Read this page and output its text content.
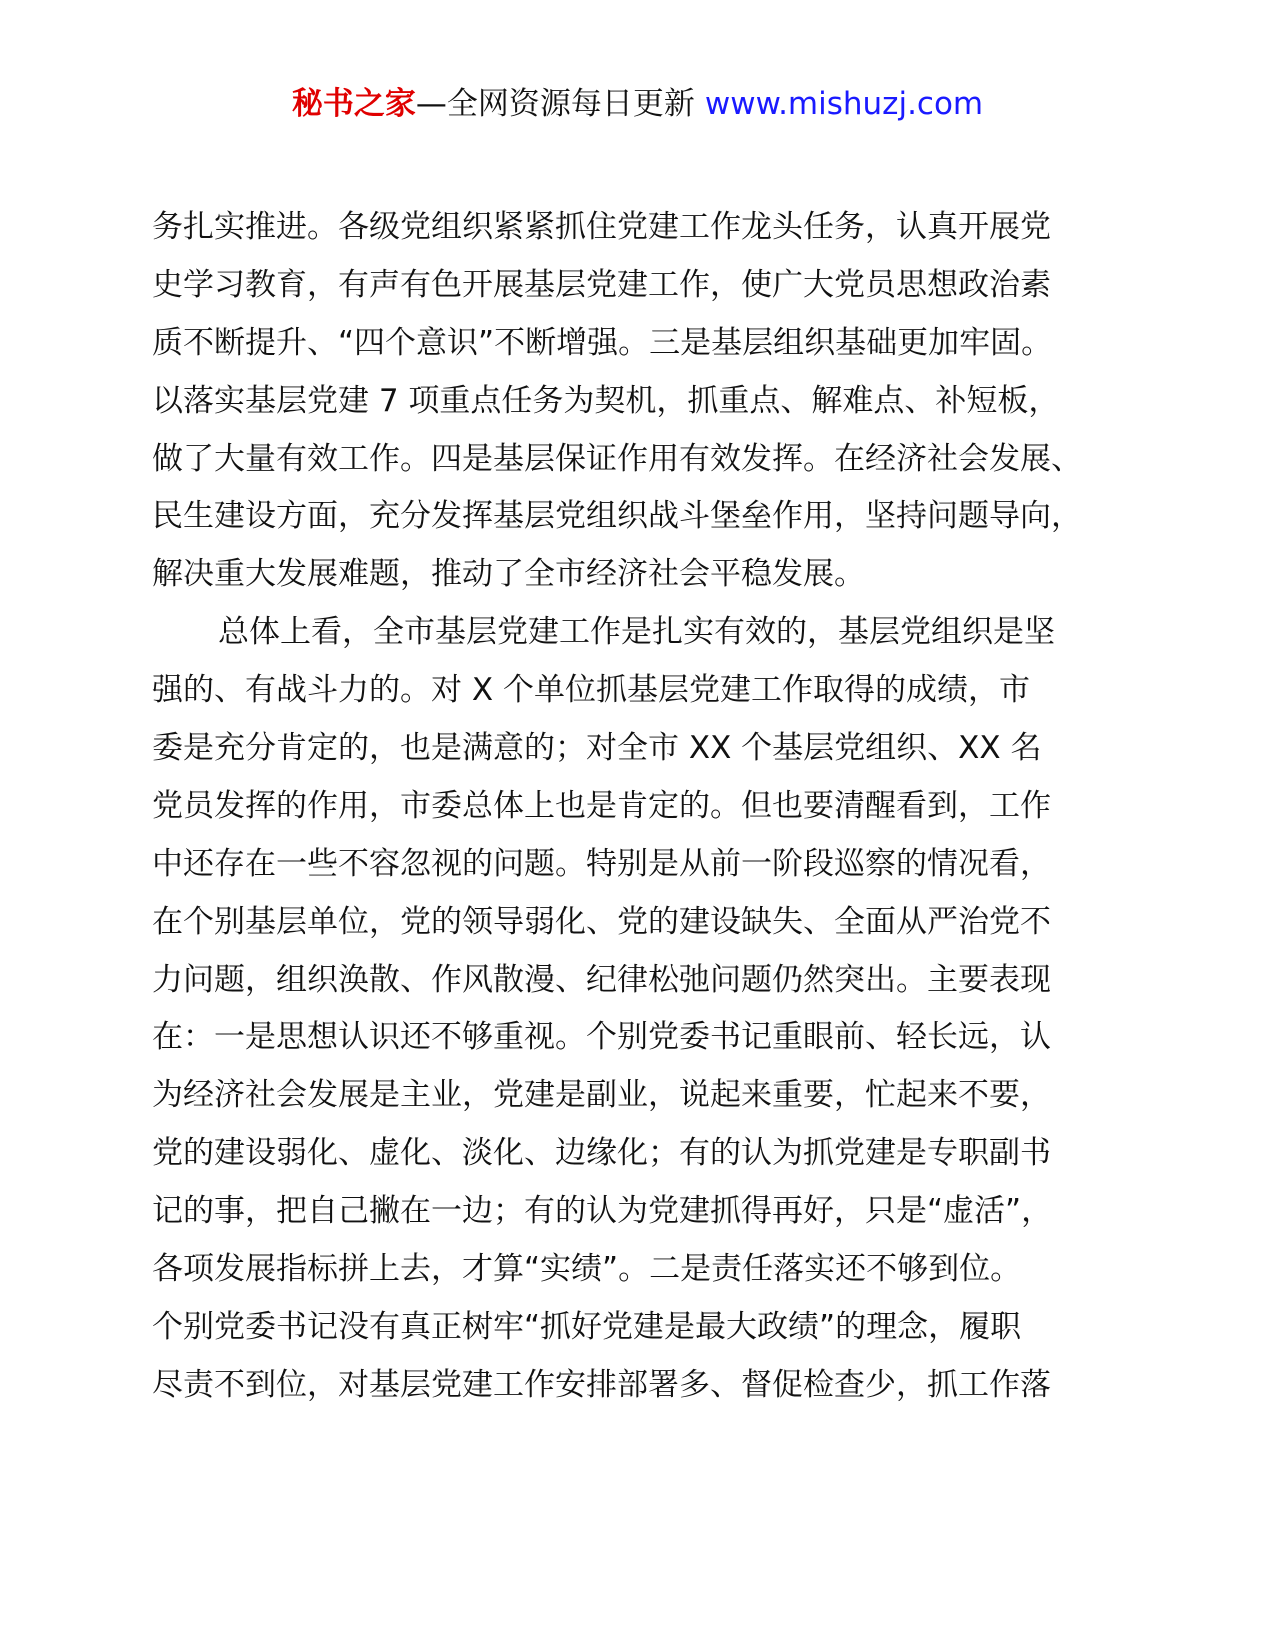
秘书之家—全网资源每日更新 www.mishuzj.com
务扎实推进。各级党组织紧紧抓住党建工作龙头任务，认真开展党
史学习教育，有声有色开展基层党建工作，使广大党员思想政治素
质不断提升、“四个意识”不断增强。三是基层组织基础更加牢固。
以落实基层党建 7 项重点任务为契机，抓重点、解难点、补短板，
做了大量有效工作。四是基层保证作用有效发挥。在经济社会发展、
民生建设方面，充分发挥基层党组织战斗堡垒作用，坚持问题导向，
解决重大发展难题，推动了全市经济社会平稳发展。
总体上看，全市基层党建工作是扎实有效的，基层党组织是坚
强的、有战斗力的。对 X 个单位抓基层党建工作取得的成绩，市
委是充分肯定的，也是满意的；对全市 XX 个基层党组织、XX 名
党员发挥的作用，市委总体上也是肯定的。但也要清醒看到，工作
中还存在一些不容忽视的问题。特别是从前一阶段巡察的情况看，
在个别基层单位，党的领导弱化、党的建设缺失、全面从严治党不
力问题，组织涣散、作风散漫、纪律松弛问题仍然突出。主要表现
在：一是思想认识还不够重视。个别党委书记重眼前、轻长远，认
为经济社会发展是主业，党建是副业，说起来重要，忙起来不要，
党的建设弱化、虚化、淡化、边缘化；有的认为抓党建是专职副书
记的事，把自己撇在一边；有的认为党建抓得再好，只是“虚活”，
各项发展指标拼上去，才算“实绩”。二是责任落实还不够到位。
个别党委书记没有真正树牢“抓好党建是最大政绩”的理念，履职
尽责不到位，对基层党建工作安排部署多、督促检查少，抓工作落
